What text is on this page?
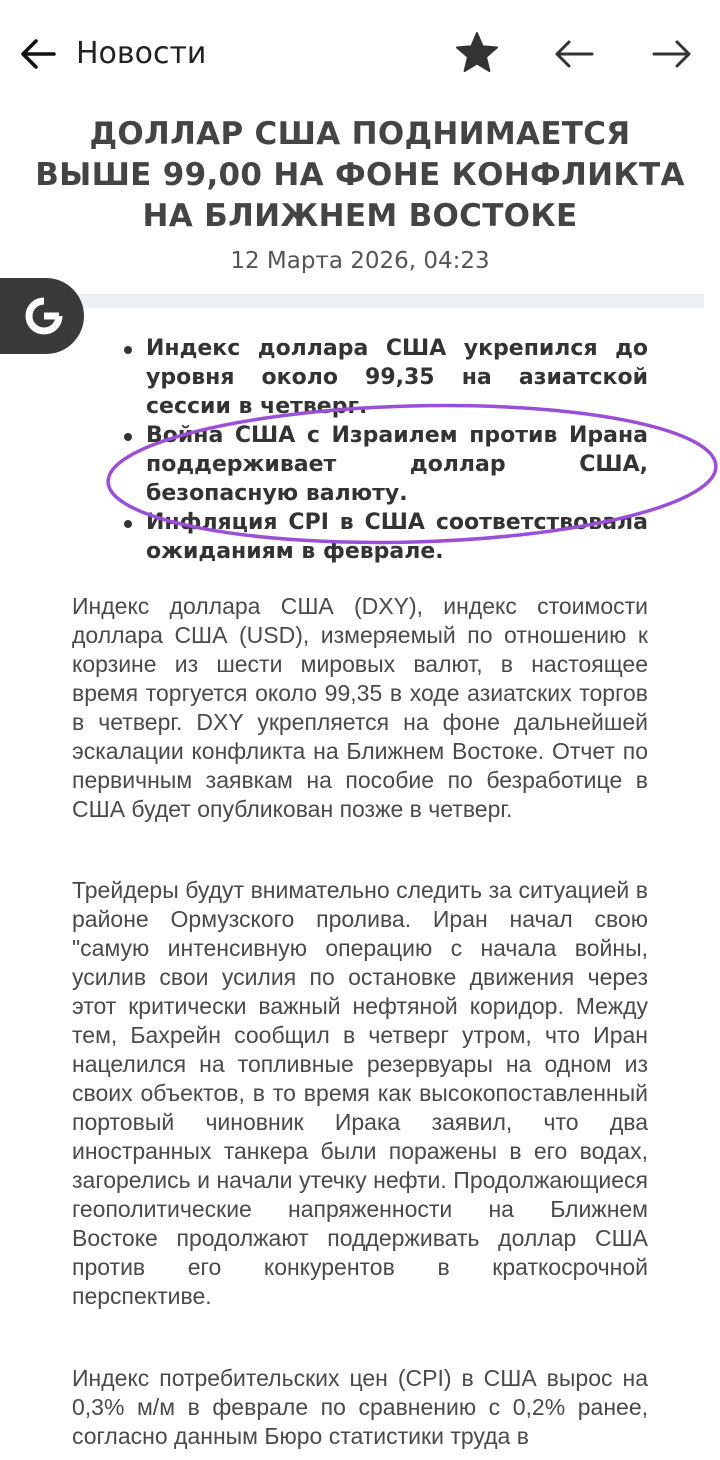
Новости
ДОЛЛАР США ПОДНИМАЕТСЯ ВЫШЕ 99,00 НА ФОНЕ КОНФЛИКТА НА БЛИЖНЕМ ВОСТОКЕ
12 Марта 2026, 04:23
Индекс доллара США укрепился до уровня около 99,35 на азиатской сессии в четверг.
Война США с Израилем против Ирана поддерживает доллар США, безопасную валюту.
Инфляция CPI в США соответствовала ожиданиям в феврале.

Индекс доллара США (DXY), индекс стоимости доллара США (USD), измеряемый по отношению к корзине из шести мировых валют, в настоящее время торгуется около 99,35 в ходе азиатских торгов в четверг. DXY укрепляется на фоне дальнейшей эскалации конфликта на Ближнем Востоке. Отчет по первичным заявкам на пособие по безработице в США будет опубликован позже в четверг.

Трейдеры будут внимательно следить за ситуацией в районе Ормузского пролива. Иран начал свою "самую интенсивную операцию с начала войны, усилив свои усилия по остановке движения через этот критически важный нефтяной коридор. Между тем, Бахрейн сообщил в четверг утром, что Иран нацелился на топливные резервуары на одном из своих объектов, в то время как высокопоставленный портовый чиновник Ирака заявил, что два иностранных танкера были поражены в его водах, загорелись и начали утечку нефти. Продолжающиеся геополитические напряженности на Ближнем Востоке продолжают поддерживать доллар США против его конкурентов в краткосрочной перспективе.

Индекс потребительских цен (CPI) в США вырос на 0,3% м/м в феврале по сравнению с 0,2% ранее, согласно данным Бюро статистики труда в
